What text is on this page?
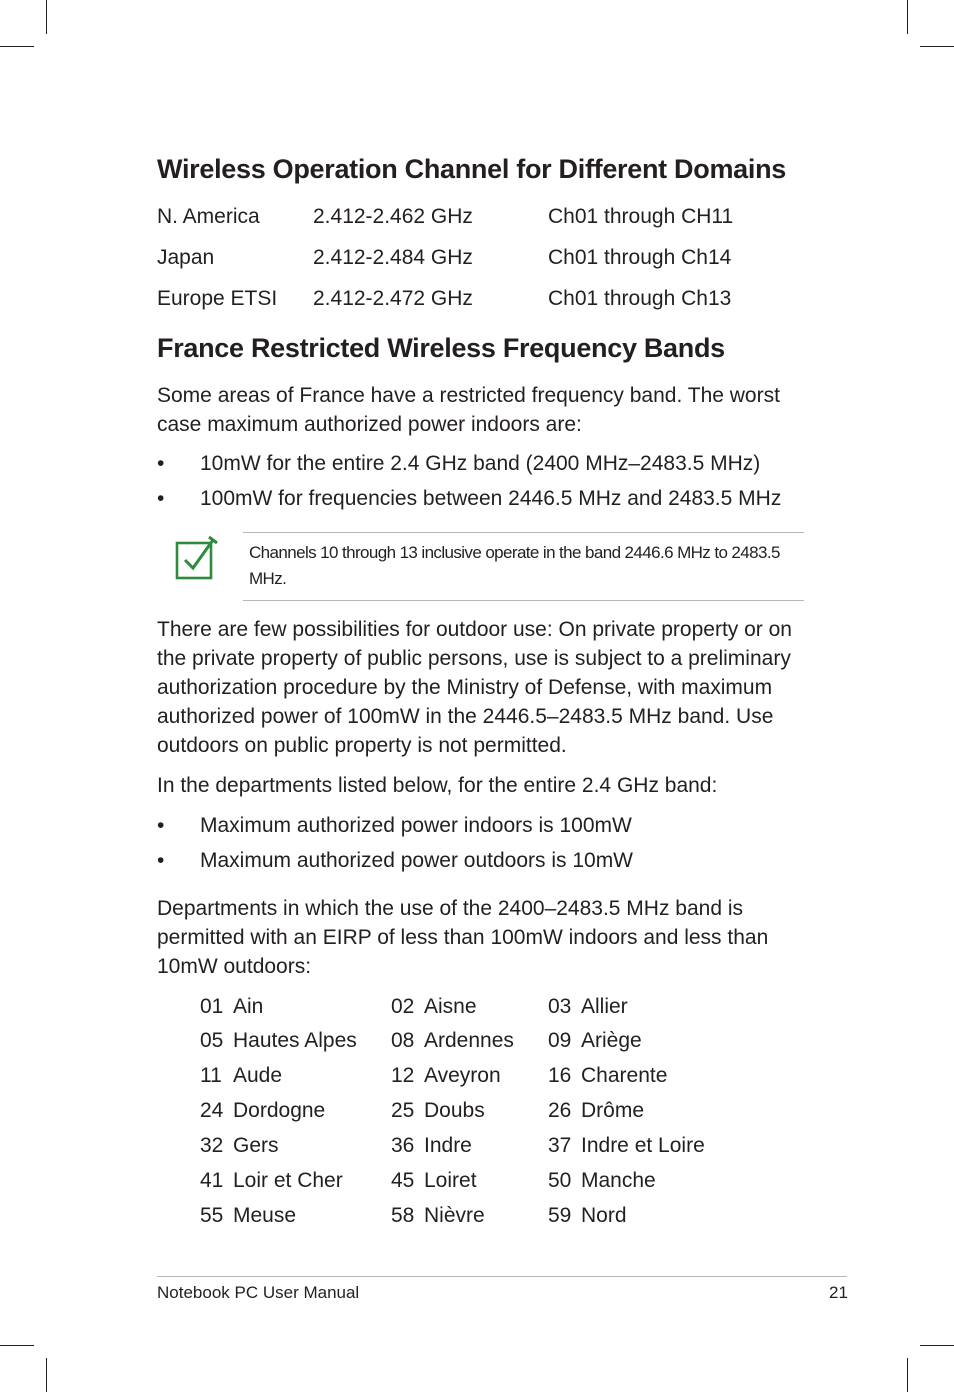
Wireless Operation Channel for Different Domains
N. America	2.412-2.462 GHz	Ch01 through CH11
Japan	2.412-2.484 GHz	Ch01 through Ch14
Europe ETSI 2.412-2.472 GHz	Ch01 through Ch13
France Restricted Wireless Frequency Bands

Some areas of France have a restricted frequency band. The worst case maximum authorized power indoors are:

• 10mW for the entire 2.4 GHz band (2400 MHz–2483.5 MHz)
• 100mW for frequencies between 2446.5 MHz and 2483.5 MHz
Channels 10 through 13 inclusive operate in the band 2446.6 MHz to 2483.5 MHz.

There are few possibilities for outdoor use: On private property or on the private property of public persons, use is subject to a preliminary authorization procedure by the Ministry of Defense, with maximum authorized power of 100mW in the 2446.5–2483.5 MHz band. Use outdoors on public property is not permitted.

In the departments listed below, for the entire 2.4 GHz band:

• Maximum authorized power indoors is 100mW
• Maximum authorized power outdoors is 10mW

Departments in which the use of the 2400–2483.5 MHz band is permitted with an EIRP of less than 100mW indoors and less than 10mW outdoors:

01 Ain	02 Aisne	03 Allier
05 Hautes Alpes 08 Ardennes 09 Ariège
11 Aude	12 Aveyron 16 Charente
24 Dordogne	25 Doubs	26 Drôme
32 Gers	36 Indre	37 Indre et Loire
41 Loir et Cher 45 Loiret	50 Manche
55 Meuse	58 Nièvre	59 Nord
Notebook PC User Manual	21
